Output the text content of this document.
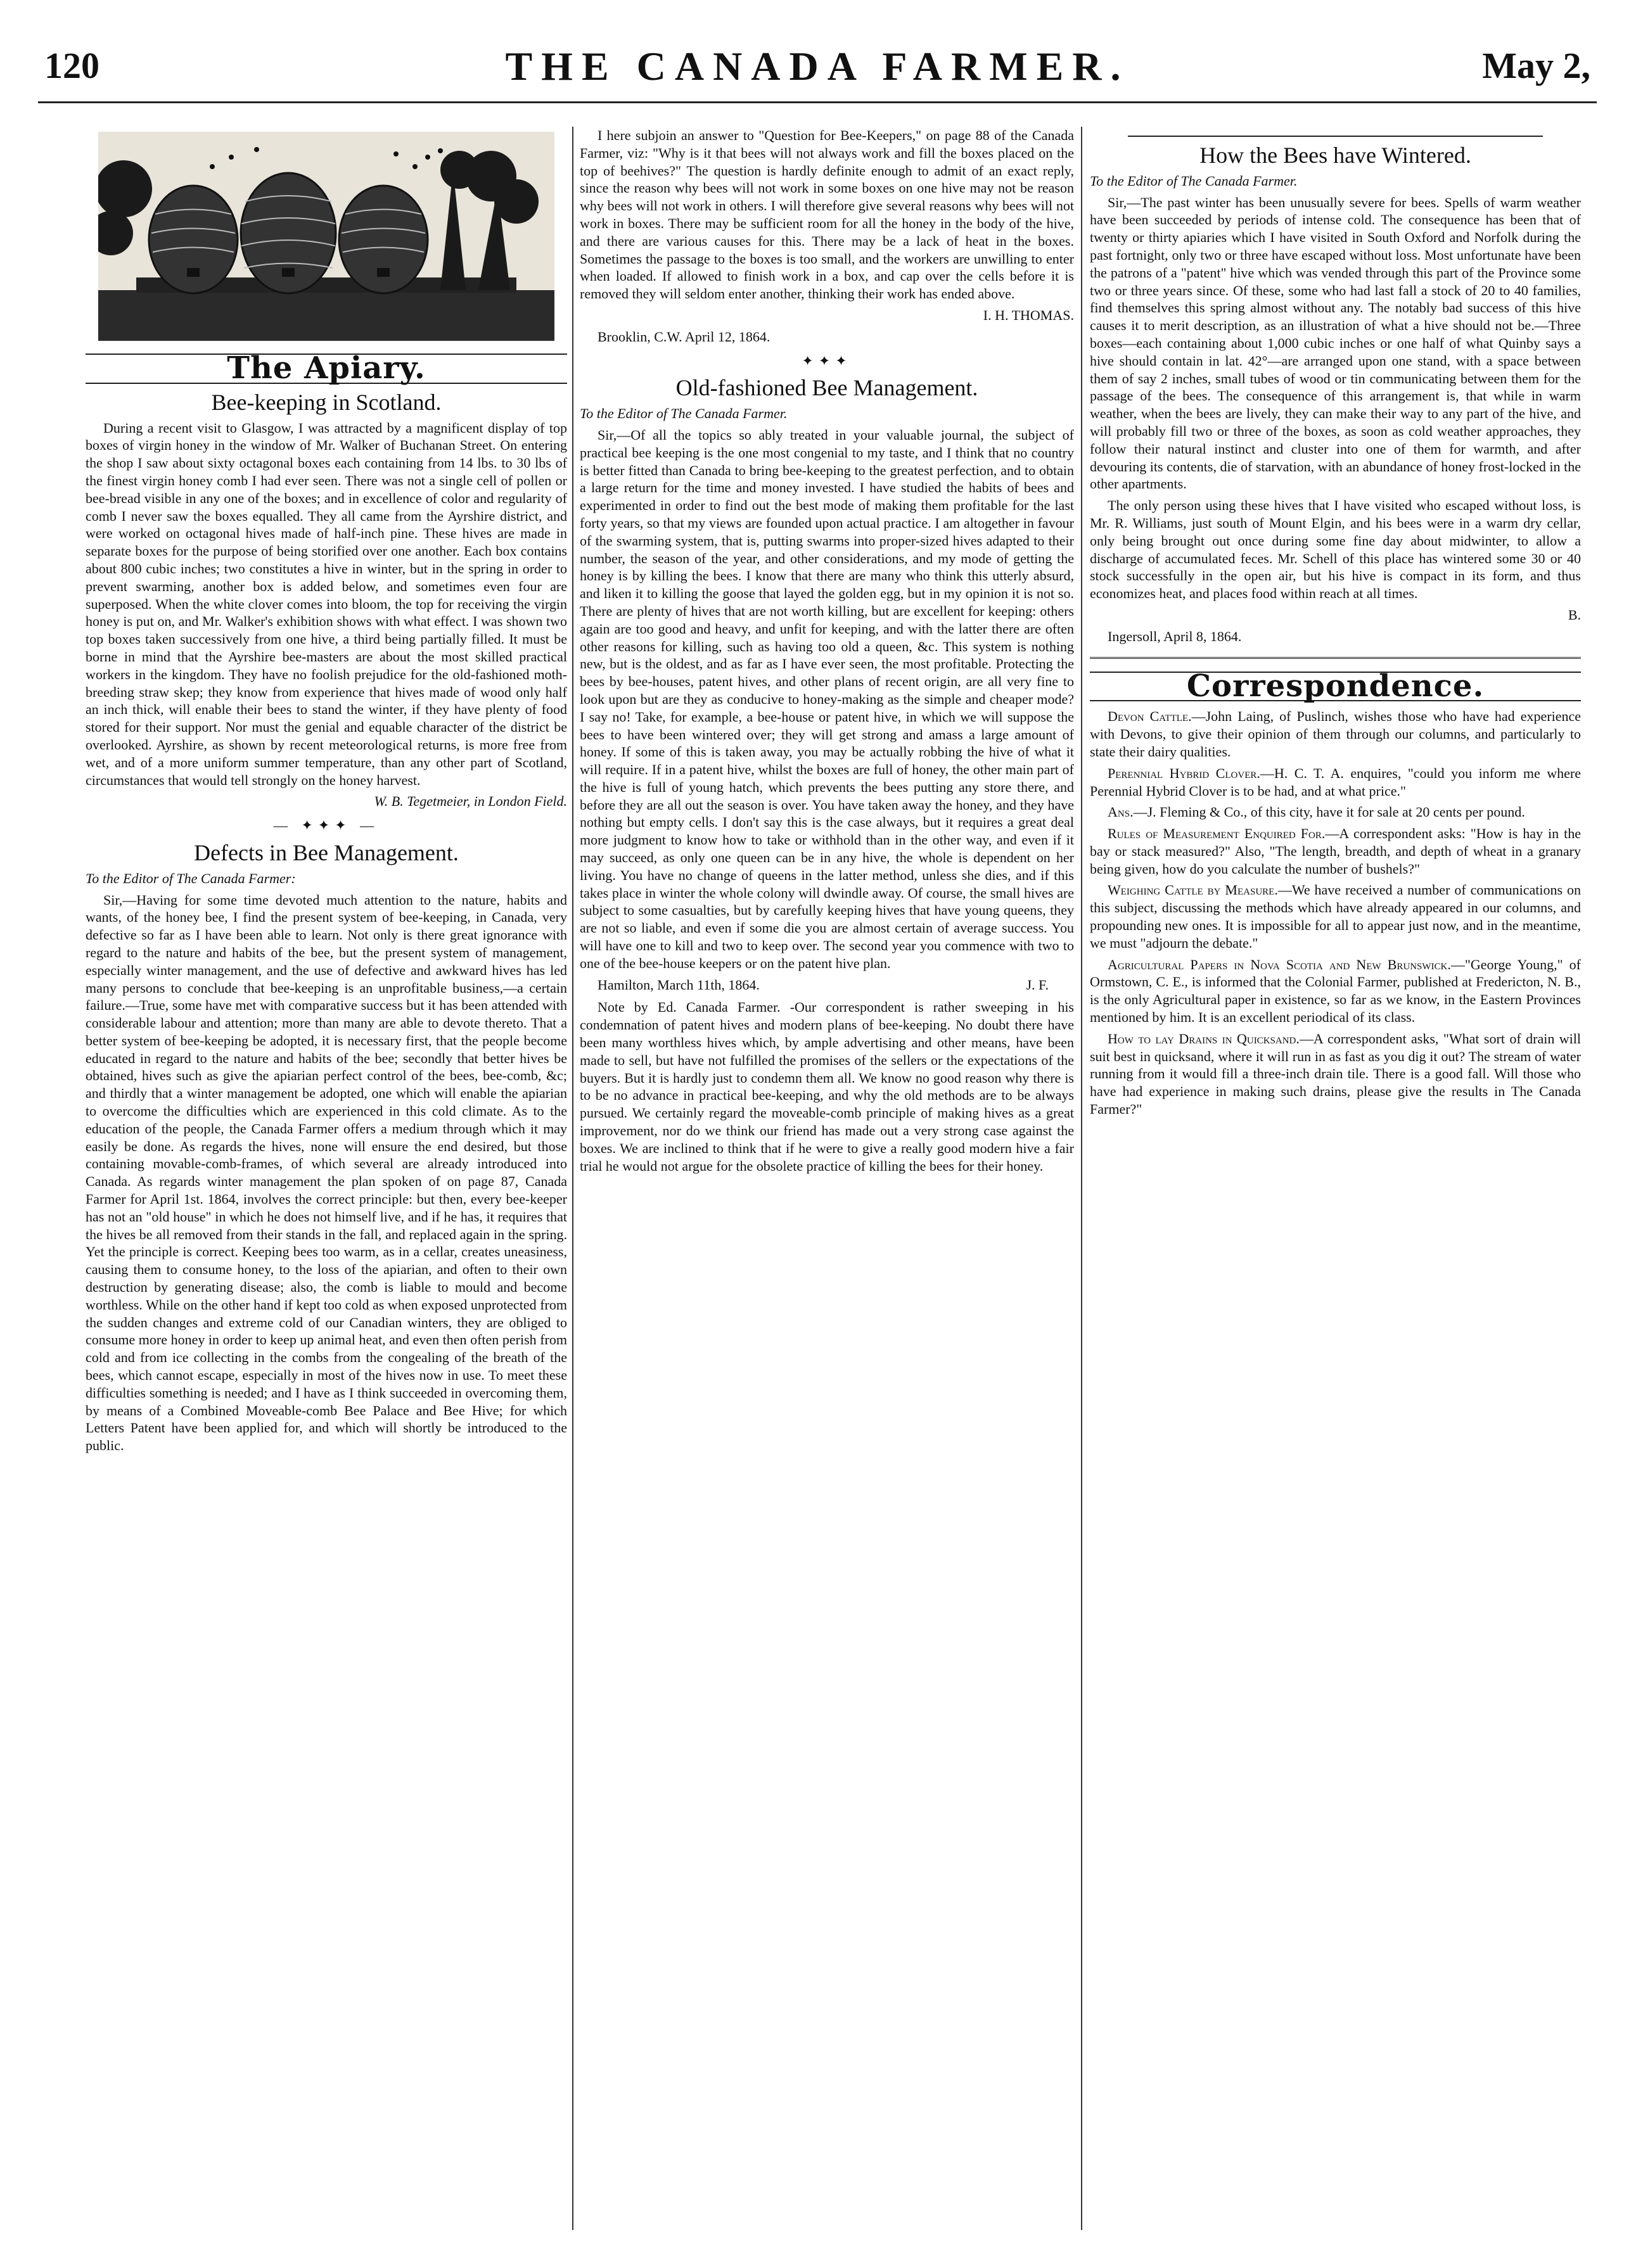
120	THE CANADA FARMER.	May 2,
The Apiary.
Bee-keeping in Scotland.

During a recent visit to Glasgow, I was attracted by a magnificent display of top boxes of virgin honey in the window of Mr. Walker of Buchanan Street. On entering the shop I saw about sixty octagonal boxes each containing from 14 lbs. to 30 lbs of the finest virgin honey comb I had ever seen. There was not a single cell of pollen or bee-bread visible in any one of the boxes; and in excellence of color and regularity of comb I never saw the boxes equalled. They all came from the Ayrshire district, and were worked on octagonal hives made of half-inch pine. These hives are made in separate boxes for the purpose of being storified over one another. Each box contains about 800 cubic inches; two constitutes a hive in winter, but in the spring in order to prevent swarming, another box is added below, and sometimes even four are superposed. When the white clover comes into bloom, the top for receiving the virgin honey is put on, and Mr. Walker's exhibition shows with what effect. I was shown two top boxes taken successively from one hive, a third being partially filled. It must be borne in mind that the Ayrshire bee-masters are about the most skilled practical workers in the kingdom. They have no foolish prejudice for the old-fashioned moth-breeding straw skep; they know from experience that hives made of wood only half an inch thick, will enable their bees to stand the winter, if they have plenty of food stored for their support. Nor must the genial and equable character of the district be overlooked. Ayrshire, as shown by recent meteorological returns, is more free from wet, and of a more uniform summer temperature, than any other part of Scotland, circumstances that would tell strongly on the honey harvest.

W. B. Tegetmeier, in London Field.

— ✦✦✦ —
Defects in Bee Management.

To the Editor of The Canada Farmer:

Sir,—Having for some time devoted much attention to the nature, habits and wants, of the honey bee, I find the present system of bee-keeping, in Canada, very defective so far as I have been able to learn. Not only is there great ignorance with regard to the nature and habits of the bee, but the present system of management, especially winter management, and the use of defective and awkward hives has led many persons to conclude that bee-keeping is an unprofitable business,—a certain failure.—True, some have met with comparative success but it has been attended with considerable labour and attention; more than many are able to devote thereto. That a better system of bee-keeping be adopted, it is necessary first, that the people become educated in regard to the nature and habits of the bee; secondly that better hives be obtained, hives such as give the apiarian perfect control of the bees, bee-comb, &c; and thirdly that a winter management be adopted, one which will enable the apiarian to overcome the difficulties which are experienced in this cold climate. As to the education of the people, the Canada Farmer offers a medium through which it may easily be done. As regards the hives, none will ensure the end desired, but those containing movable-comb-frames, of which several are already introduced into Canada. As regards winter management the plan spoken of on page 87, Canada Farmer for April 1st. 1864, involves the correct principle: but then, every bee-keeper has not an "old house" in which he does not himself live, and if he has, it requires that the hives be all removed from their stands in the fall, and replaced again in the spring. Yet the principle is correct. Keeping bees too warm, as in a cellar, creates uneasiness, causing them to consume honey, to the loss of the apiarian, and often to their own destruction by generating disease; also, the comb is liable to mould and become worthless. While on the other hand if kept too cold as when exposed unprotected from the sudden changes and extreme cold of our Canadian winters, they are obliged to consume more honey in order to keep up animal heat, and even then often perish from cold and from ice collecting in the combs from the congealing of the breath of the bees, which cannot escape, especially in most of the hives now in use. To meet these difficulties something is needed; and I have as I think succeeded in overcoming them, by means of a Combined Moveable-comb Bee Palace and Bee Hive; for which Letters Patent have been applied for, and which will shortly be introduced to the public.

I here subjoin an answer to "Question for Bee-Keepers," on page 88 of the Canada Farmer, viz: "Why is it that bees will not always work and fill the boxes placed on the top of beehives?" The question is hardly definite enough to admit of an exact reply, since the reason why bees will not work in some boxes on one hive may not be reason why bees will not work in others. I will therefore give several reasons why bees will not work in boxes. There may be sufficient room for all the honey in the body of the hive, and there are various causes for this. There may be a lack of heat in the boxes. Sometimes the passage to the boxes is too small, and the workers are unwilling to enter when loaded. If allowed to finish work in a box, and cap over the cells before it is removed they will seldom enter another, thinking their work has ended above.

I. H. THOMAS.

Brooklin, C.W. April 12, 1864.

✦✦✦
Old-fashioned Bee Management.

To the Editor of The Canada Farmer.

Sir,—Of all the topics so ably treated in your valuable journal, the subject of practical bee keeping is the one most congenial to my taste, and I think that no country is better fitted than Canada to bring bee-keeping to the greatest perfection, and to obtain a large return for the time and money invested. I have studied the habits of bees and experimented in order to find out the best mode of making them profitable for the last forty years, so that my views are founded upon actual practice. I am altogether in favour of the swarming system, that is, putting swarms into proper-sized hives adapted to their number, the season of the year, and other considerations, and my mode of getting the honey is by killing the bees. I know that there are many who think this utterly absurd, and liken it to killing the goose that layed the golden egg, but in my opinion it is not so. There are plenty of hives that are not worth killing, but are excellent for keeping: others again are too good and heavy, and unfit for keeping, and with the latter there are often other reasons for killing, such as having too old a queen, &c. This system is nothing new, but is the oldest, and as far as I have ever seen, the most profitable. Protecting the bees by bee-houses, patent hives, and other plans of recent origin, are all very fine to look upon but are they as conducive to honey-making as the simple and cheaper mode? I say no! Take, for example, a bee-house or patent hive, in which we will suppose the bees to have been wintered over; they will get strong and amass a large amount of honey. If some of this is taken away, you may be actually robbing the hive of what it will require. If in a patent hive, whilst the boxes are full of honey, the other main part of the hive is full of young hatch, which prevents the bees putting any store there, and before they are all out the season is over. You have taken away the honey, and they have nothing but empty cells. I don't say this is the case always, but it requires a great deal more judgment to know how to take or withhold than in the other way, and even if it may succeed, as only one queen can be in any hive, the whole is dependent on her living. You have no change of queens in the latter method, unless she dies, and if this takes place in winter the whole colony will dwindle away. Of course, the small hives are subject to some casualties, but by carefully keeping hives that have young queens, they are not so liable, and even if some die you are almost certain of average success. You will have one to kill and two to keep over. The second year you commence with two to one of the bee-house keepers or on the patent hive plan.

Hamilton, March 11th, 1864.	J. F.

Note by Ed. Canada Farmer. -Our correspondent is rather sweeping in his condemnation of patent hives and modern plans of bee-keeping. No doubt there have been many worthless hives which, by ample advertising and other means, have been made to sell, but have not fulfilled the promises of the sellers or the expectations of the buyers. But it is hardly just to condemn them all. We know no good reason why there is to be no advance in practical bee-keeping, and why the old methods are to be always pursued. We certainly regard the moveable-comb principle of making hives as a great improvement, nor do we think our friend has made out a very strong case against the boxes. We are inclined to think that if he were to give a really good modern hive a fair trial he would not argue for the obsolete practice of killing the bees for their honey.

How the Bees have Wintered.

To the Editor of The Canada Farmer.

Sir,—The past winter has been unusually severe for bees. Spells of warm weather have been succeeded by periods of intense cold. The consequence has been that of twenty or thirty apiaries which I have visited in South Oxford and Norfolk during the past fortnight, only two or three have escaped without loss. Most unfortunate have been the patrons of a "patent" hive which was vended through this part of the Province some two or three years since. Of these, some who had last fall a stock of 20 to 40 families, find themselves this spring almost without any. The notably bad success of this hive causes it to merit description, as an illustration of what a hive should not be.—Three boxes—each containing about 1,000 cubic inches or one half of what Quinby says a hive should contain in lat. 42°—are arranged upon one stand, with a space between them of say 2 inches, small tubes of wood or tin communicating between them for the passage of the bees. The consequence of this arrangement is, that while in warm weather, when the bees are lively, they can make their way to any part of the hive, and will probably fill two or three of the boxes, as soon as cold weather approaches, they follow their natural instinct and cluster into one of them for warmth, and after devouring its contents, die of starvation, with an abundance of honey frost-locked in the other apartments.

The only person using these hives that I have visited who escaped without loss, is Mr. R. Williams, just south of Mount Elgin, and his bees were in a warm dry cellar, only being brought out once during some fine day about midwinter, to allow a discharge of accumulated feces. Mr. Schell of this place has wintered some 30 or 40 stock successfully in the open air, but his hive is compact in its form, and thus economizes heat, and places food within reach at all times.

B.

Ingersoll, April 8, 1864.

Correspondence.

Devon Cattle.—John Laing, of Puslinch, wishes those who have had experience with Devons, to give their opinion of them through our columns, and particularly to state their dairy qualities.

Perennial Hybrid Clover.—H. C. T. A. enquires, "could you inform me where Perennial Hybrid Clover is to be had, and at what price."

Ans.—J. Fleming & Co., of this city, have it for sale at 20 cents per pound.

Rules of Measurement Enquired For.—A correspondent asks: "How is hay in the bay or stack measured?" Also, "The length, breadth, and depth of wheat in a granary being given, how do you calculate the number of bushels?"

Weighing Cattle by Measure.—We have received a number of communications on this subject, discussing the methods which have already appeared in our columns, and propounding new ones. It is impossible for all to appear just now, and in the meantime, we must "adjourn the debate."

Agricultural Papers in Nova Scotia and New Brunswick.—"George Young," of Ormstown, C. E., is informed that the Colonial Farmer, published at Fredericton, N. B., is the only Agricultural paper in existence, so far as we know, in the Eastern Provinces mentioned by him. It is an excellent periodical of its class.

How to lay Drains in Quicksand.—A correspondent asks, "What sort of drain will suit best in quicksand, where it will run in as fast as you dig it out? The stream of water running from it would fill a three-inch drain tile. There is a good fall. Will those who have had experience in making such drains, please give the results in The Canada Farmer?"
